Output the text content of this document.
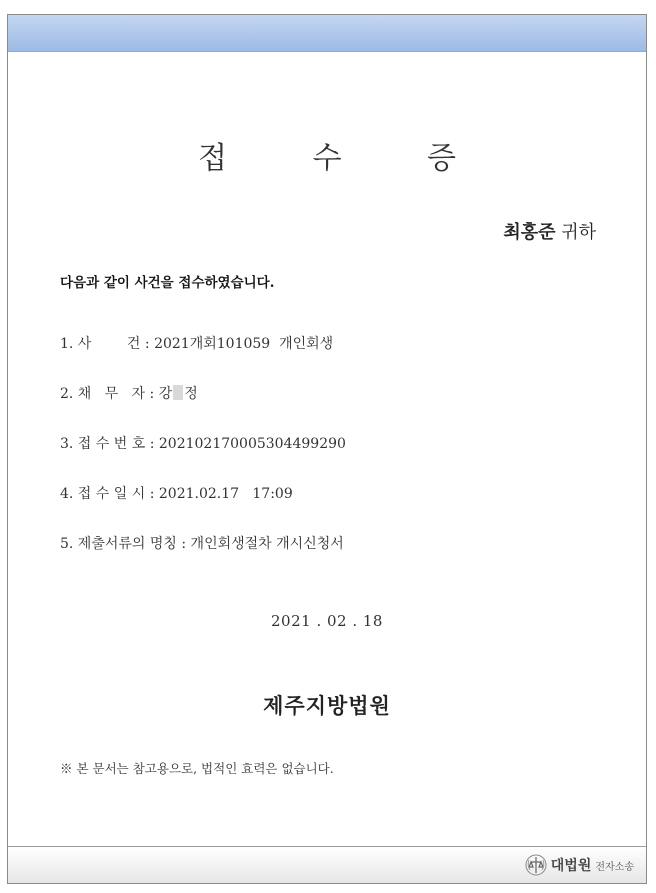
접 수 증
최홍준 귀하
다음과 같이 사건을 접수하였습니다.
1. 사        건 : 2021개회101059  개인회생
2. 채   무   자 : 강 정
3. 접 수 번 호 : 20210217000530449929​0
4. 접 수 일 시 : 2021.02.17   17:09
5. 제출서류의 명칭 : 개인회생절차 개시신청서
2021 . 02 . 18
제주지방법원
※ 본 문서는 참고용으로, 법적인 효력은 없습니다.
대법원 전자소송
